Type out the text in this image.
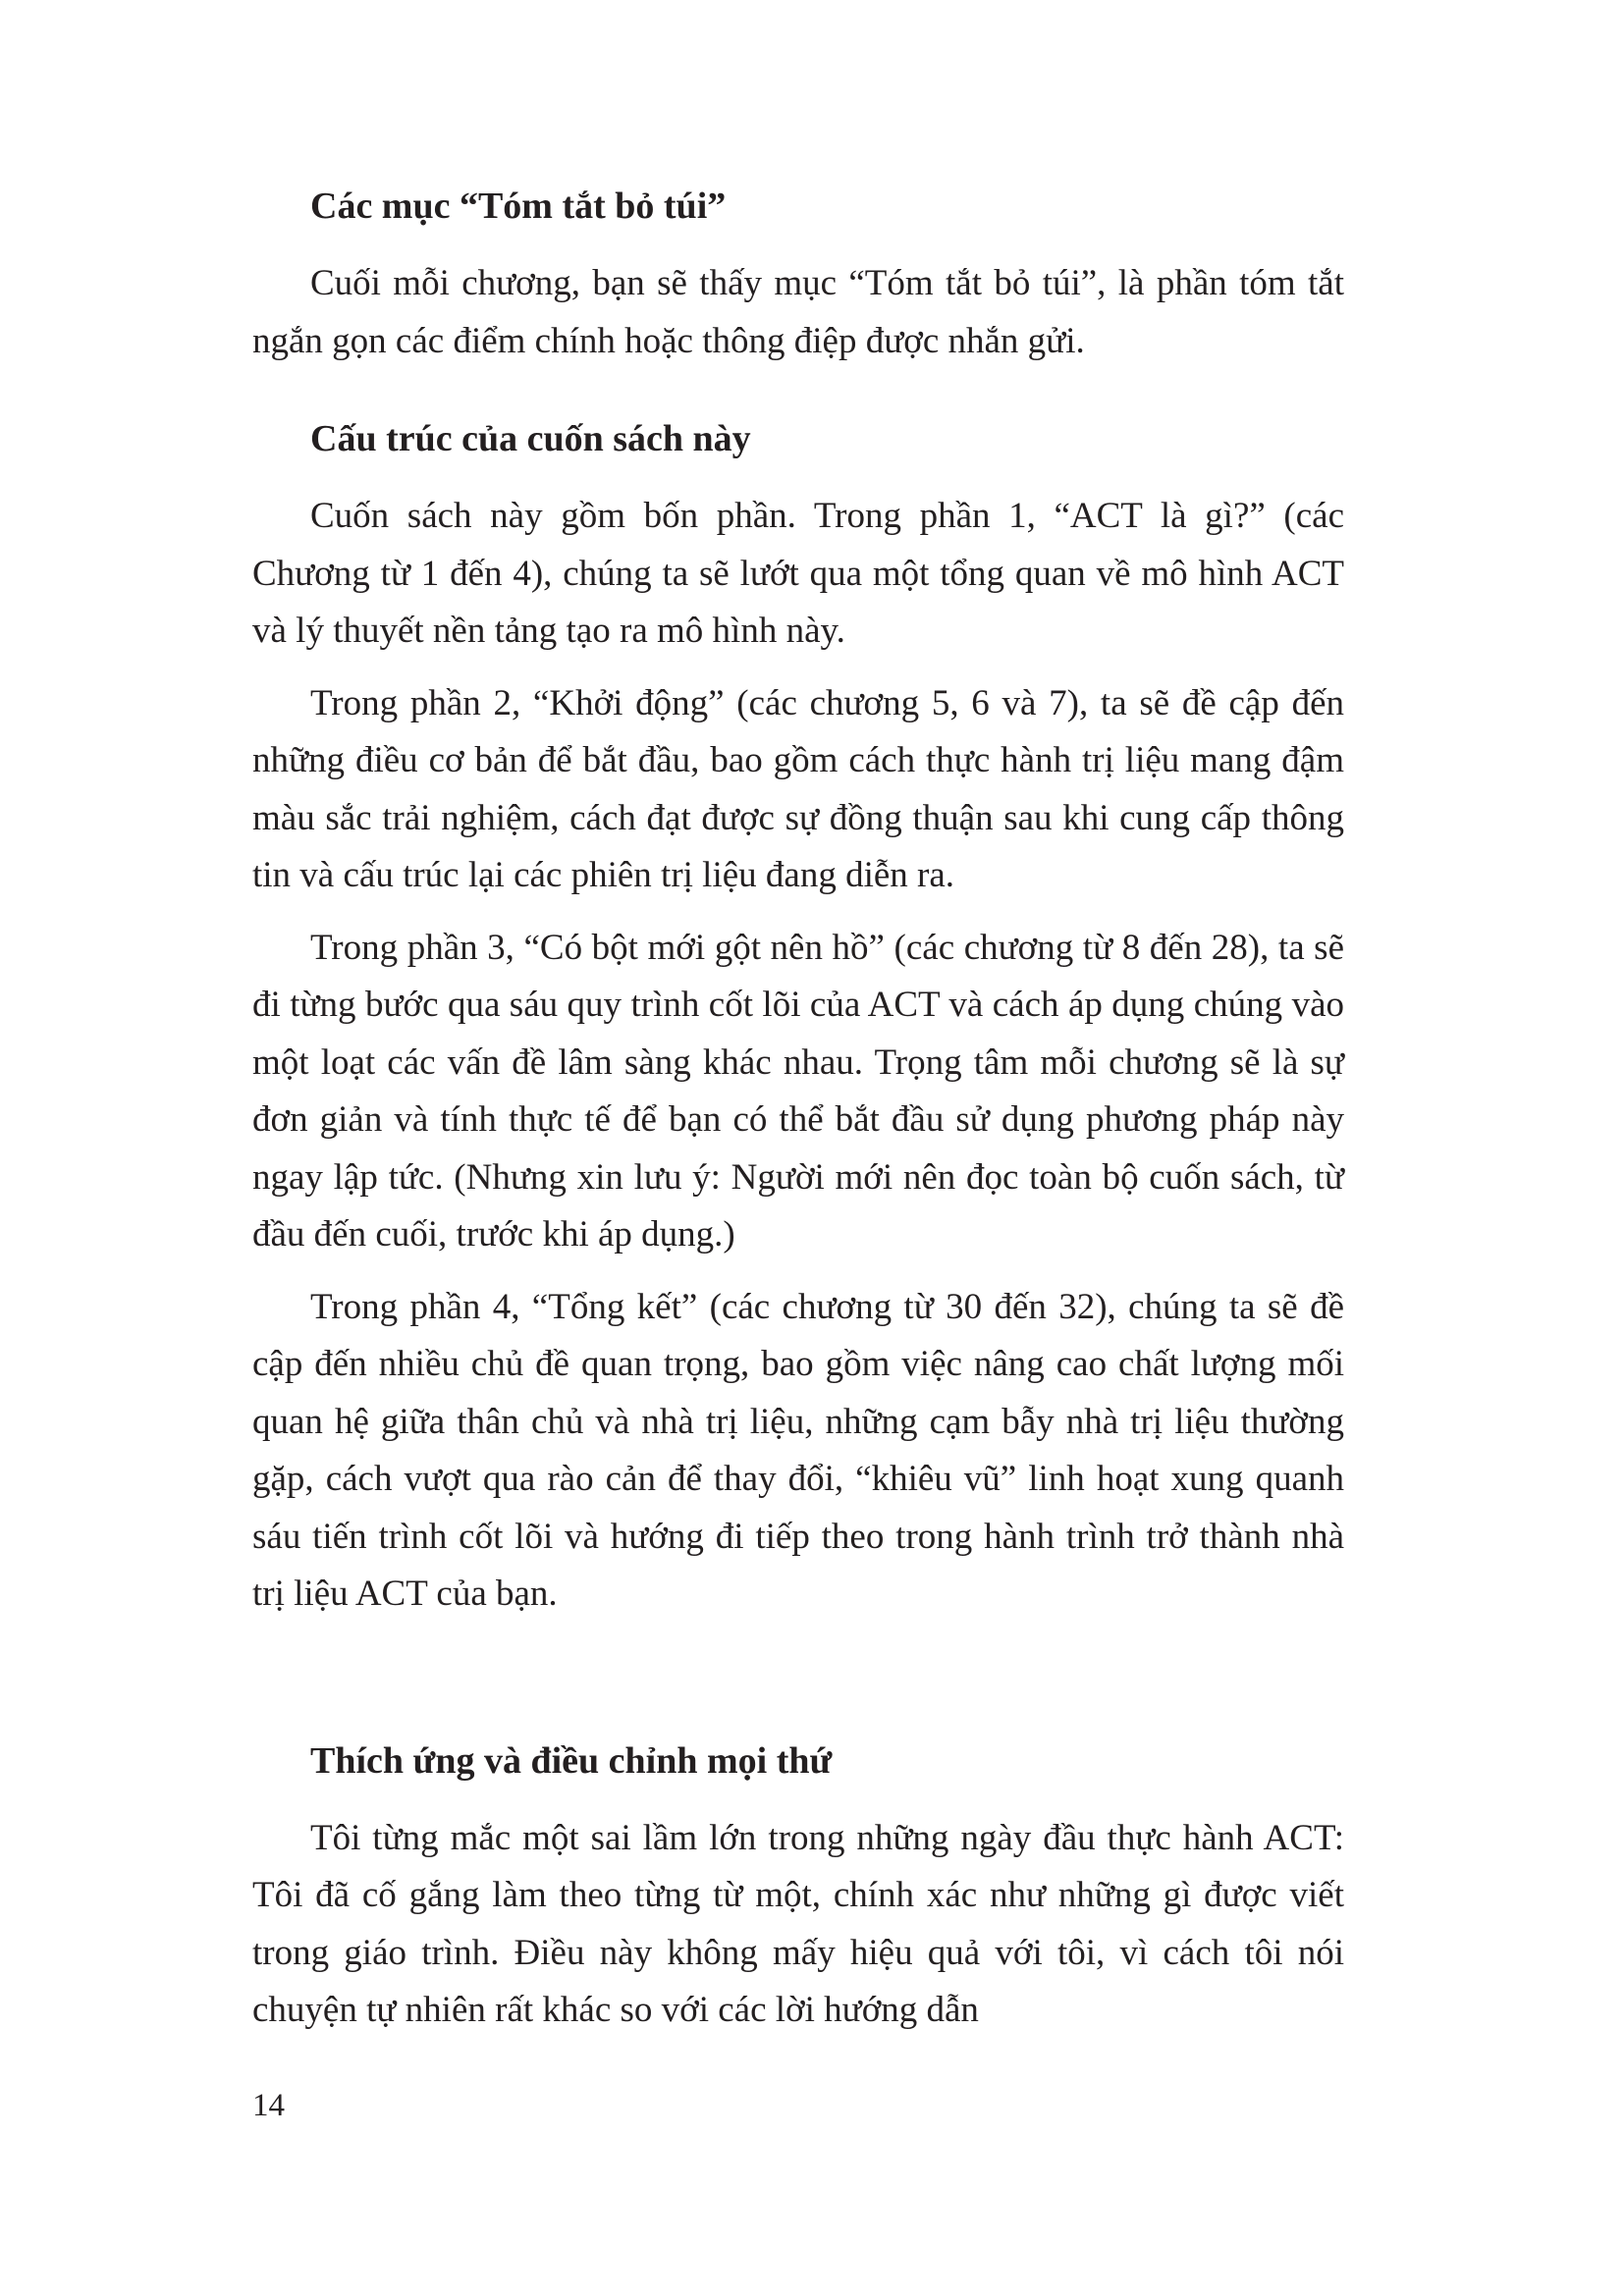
Các mục “Tóm tắt bỏ túi”

Cuối mỗi chương, bạn sẽ thấy mục “Tóm tắt bỏ túi”, là phần tóm tắt ngắn gọn các điểm chính hoặc thông điệp được nhắn gửi.

Cấu trúc của cuốn sách này

Cuốn sách này gồm bốn phần. Trong phần 1, “ACT là gì?” (các Chương từ 1 đến 4), chúng ta sẽ lướt qua một tổng quan về mô hình ACT và lý thuyết nền tảng tạo ra mô hình này.

Trong phần 2, “Khởi động” (các chương 5, 6 và 7), ta sẽ đề cập đến những điều cơ bản để bắt đầu, bao gồm cách thực hành trị liệu mang đậm màu sắc trải nghiệm, cách đạt được sự đồng thuận sau khi cung cấp thông tin và cấu trúc lại các phiên trị liệu đang diễn ra.

Trong phần 3, “Có bột mới gột nên hồ” (các chương từ 8 đến 28), ta sẽ đi từng bước qua sáu quy trình cốt lõi của ACT và cách áp dụng chúng vào một loạt các vấn đề lâm sàng khác nhau. Trọng tâm mỗi chương sẽ là sự đơn giản và tính thực tế để bạn có thể bắt đầu sử dụng phương pháp này ngay lập tức. (Nhưng xin lưu ý: Người mới nên đọc toàn bộ cuốn sách, từ đầu đến cuối, trước khi áp dụng.)

Trong phần 4, “Tổng kết” (các chương từ 30 đến 32), chúng ta sẽ đề cập đến nhiều chủ đề quan trọng, bao gồm việc nâng cao chất lượng mối quan hệ giữa thân chủ và nhà trị liệu, những cạm bẫy nhà trị liệu thường gặp, cách vượt qua rào cản để thay đổi, “khiêu vũ” linh hoạt xung quanh sáu tiến trình cốt lõi và hướng đi tiếp theo trong hành trình trở thành nhà trị liệu ACT của bạn.

Thích ứng và điều chỉnh mọi thứ

Tôi từng mắc một sai lầm lớn trong những ngày đầu thực hành ACT: Tôi đã cố gắng làm theo từng từ một, chính xác như những gì được viết trong giáo trình. Điều này không mấy hiệu quả với tôi, vì cách tôi nói chuyện tự nhiên rất khác so với các lời hướng dẫn

14
